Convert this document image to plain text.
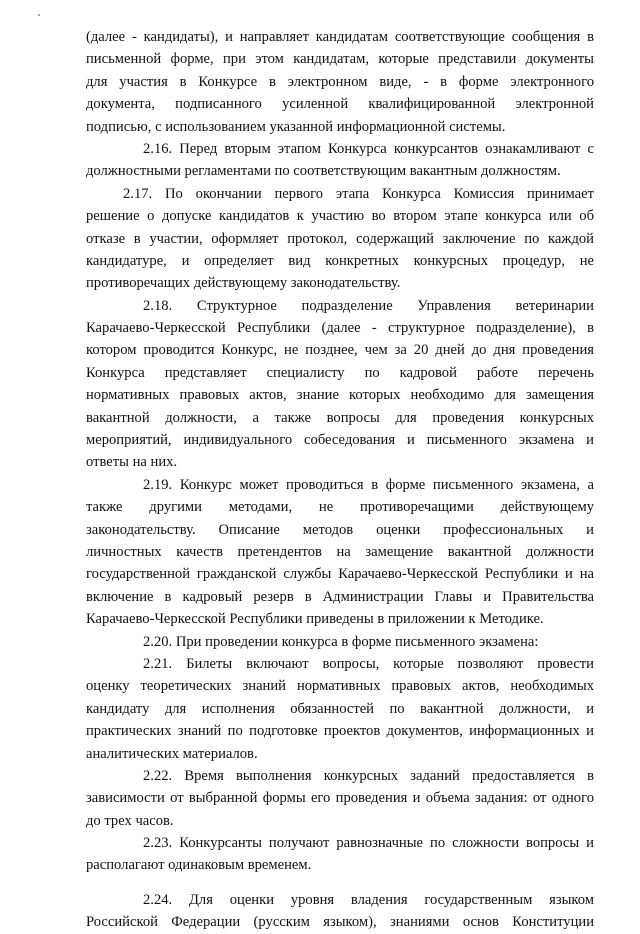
(далее - кандидаты), и направляет кандидатам соответствующие сообщения в
письменной форме, при этом кандидатам, которые представили документы
для участия в Конкурсе в электронном виде, - в форме электронного
документа, подписанного усиленной квалифицированной электронной
подписью, с использованием указанной информационной системы.
2.16. Перед вторым этапом Конкурса конкурсантов ознакамливают с
должностными регламентами по соответствующим вакантным должностям.
2.17. По окончании первого этапа Конкурса Комиссия принимает
решение о допуске кандидатов к участию во втором этапе конкурса или об
отказе в участии, оформляет протокол, содержащий заключение по каждой
кандидатуре, и определяет вид конкретных конкурсных процедур, не
противоречащих действующему законодательству.
2.18. Структурное подразделение Управления ветеринарии
Карачаево-Черкесской Республики (далее - структурное подразделение), в
котором проводится Конкурс, не позднее, чем за 20 дней до дня проведения
Конкурса представляет специалисту по кадровой работе перечень
нормативных правовых актов, знание которых необходимо для замещения
вакантной должности, а также вопросы для проведения конкурсных
мероприятий, индивидуального собеседования и письменного экзамена и
ответы на них.
2.19. Конкурс может проводиться в форме письменного экзамена, а
также другими методами, не противоречащими действующему
законодательству. Описание методов оценки профессиональных и
личностных качеств претендентов на замещение вакантной должности
государственной гражданской службы Карачаево-Черкесской Республики и на
включение в кадровый резерв в Администрации Главы и Правительства
Карачаево-Черкесской Республики приведены в приложении к Методике.
2.20. При проведении конкурса в форме письменного экзамена:
2.21. Билеты включают вопросы, которые позволяют провести
оценку теоретических знаний нормативных правовых актов, необходимых
кандидату для исполнения обязанностей по вакантной должности, и
практических знаний по подготовке проектов документов, информационных и
аналитических материалов.
2.22. Время выполнения конкурсных заданий предоставляется в
зависимости от выбранной формы его проведения и объема задания: от одного
до трех часов.
2.23. Конкурсанты получают равнозначные по сложности вопросы и
располагают одинаковым временем.
2.24. Для оценки уровня владения государственным языком
Российской Федерации (русским языком), знаниями основ Конституции
